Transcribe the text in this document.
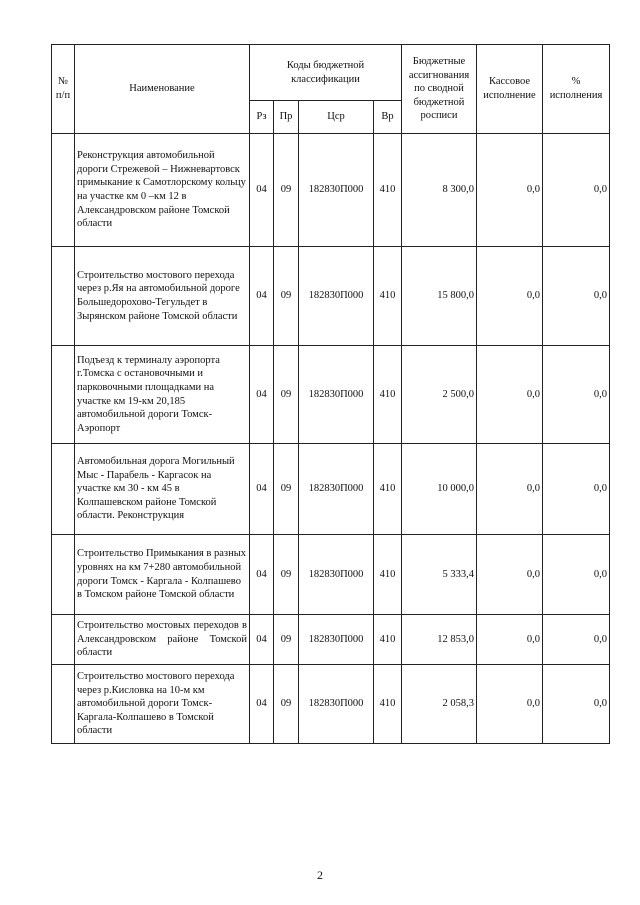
№ п/п	Наименование	Коды бюджетной классификации				Бюджетные ассигнования по сводной бюджетной росписи	Кассовое исполнение	% исполнения
		Рз	Пр	Цср	Вр			
	Реконструкция автомобильной дороги Стрежевой – Нижневартовск примыкание к Самотлорскому кольцу на участке км 0 –км 12 в Александровском районе Томской области	04	09	182830П000	410	8 300,0	0,0	0,0
	Строительство мостового перехода через р.Яя на автомобильной дороге Большедорохово-Тегульдет в Зырянском районе Томской области	04	09	182830П000	410	15 800,0	0,0	0,0
	Подъезд к терминалу аэропорта г.Томска с остановочными и парковочными площадками на участке км 19-км 20,185 автомобильной дороги Томск-Аэропорт	04	09	182830П000	410	2 500,0	0,0	0,0
	Автомобильная дорога Могильный Мыс - Парабель - Каргасок на участке км 30 - км 45 в Колпашевском районе Томской области. Реконструкция	04	09	182830П000	410	10 000,0	0,0	0,0
	Строительство Примыкания в разных уровнях на км 7+280 автомобильной дороги Томск - Каргала - Колпашево в Томском районе Томской области	04	09	182830П000	410	5 333,4	0,0	0,0
	Строительство мостовых переходов в Александровском районе Томской области	04	09	182830П000	410	12 853,0	0,0	0,0
	Строительство мостового перехода через р.Кисловка на 10-м км автомобильной дороги Томск-Каргала-Колпашево в Томской области	04	09	182830П000	410	2 058,3	0,0	0,0
2
